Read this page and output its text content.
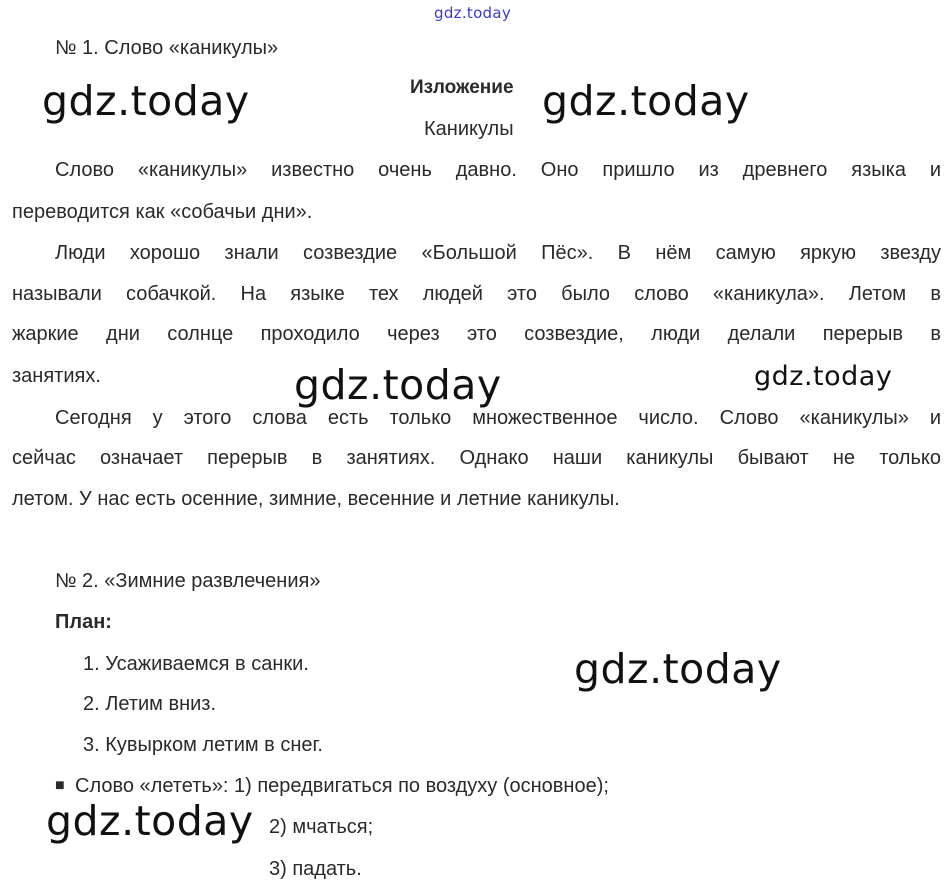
gdz.today
№ 1. Слово «каникулы»
Изложение
Каникулы
Слово «каникулы» известно очень давно. Оно пришло из древнего языка и
переводится как «собачьи дни».
Люди хорошо знали созвездие «Большой Пёс». В нём самую яркую звезду
называли собачкой. На языке тех людей это было слово «каникула». Летом в
жаркие дни солнце проходило через это созвездие, люди делали перерыв в
занятиях.
Сегодня у этого слова есть только множественное число. Слово «каникулы» и
сейчас означает перерыв в занятиях. Однако наши каникулы бывают не только
летом. У нас есть осенние, зимние, весенние и летние каникулы.
№ 2. «Зимние развлечения»
План:
1. Усаживаемся в санки.
2. Летим вниз.
3. Кувырком летим в снег.
■ Слово «лететь»: 1) передвигаться по воздуху (основное);
2) мчаться;
3) падать.
gdz.today	gdz.today
gdz.today	gdz.today
gdz.today
gdz.today
